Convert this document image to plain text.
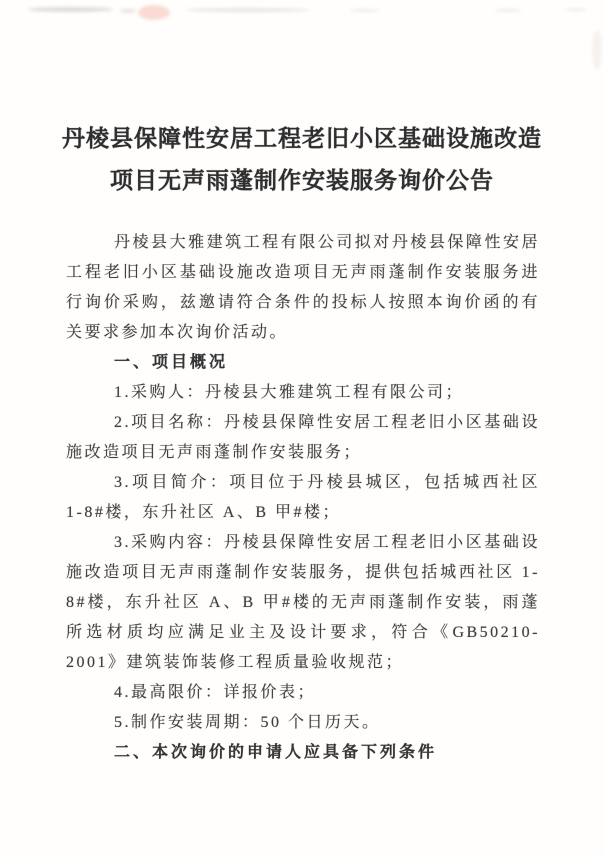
丹棱县保障性安居工程老旧小区基础设施改造
项目无声雨蓬制作安装服务询价公告

丹棱县大雅建筑工程有限公司拟对丹棱县保障性安居工程老旧小区基础设施改造项目无声雨蓬制作安装服务进行询价采购，兹邀请符合条件的投标人按照本询价函的有关要求参加本次询价活动。

一、项目概况

1.采购人：丹棱县大雅建筑工程有限公司；

2.项目名称：丹棱县保障性安居工程老旧小区基础设施改造项目无声雨蓬制作安装服务；

3.项目简介：项目位于丹棱县城区，包括城西社区 1-8#楼，东升社区 A、B 甲#楼；

3.采购内容：丹棱县保障性安居工程老旧小区基础设施改造项目无声雨蓬制作安装服务，提供包括城西社区 1-8#楼，东升社区 A、B 甲#楼的无声雨蓬制作安装，雨蓬所选材质均应满足业主及设计要求，符合《GB50210-2001》建筑装饰装修工程质量验收规范；

4.最高限价：详报价表；

5.制作安装周期：50 个日历天。

二、本次询价的申请人应具备下列条件
